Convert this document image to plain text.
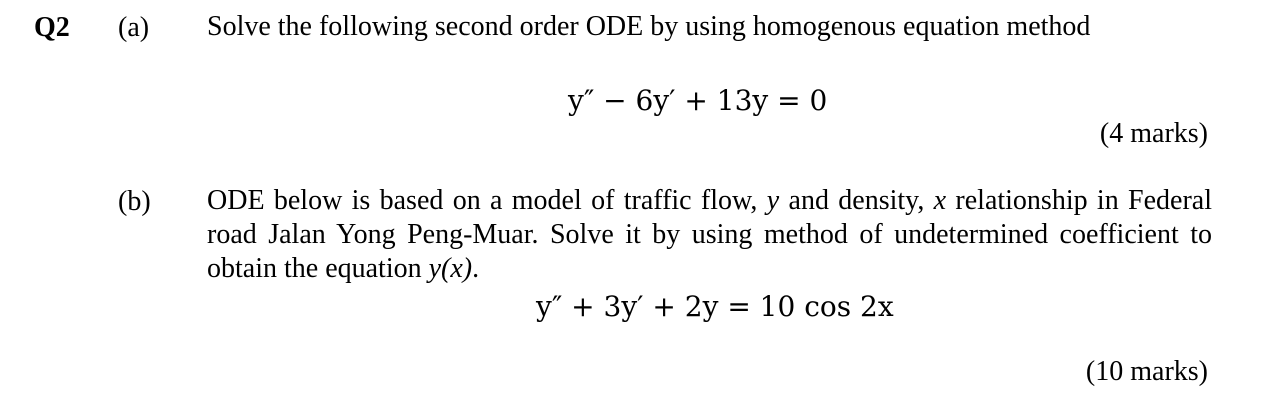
Q2 (a) Solve the following second order ODE by using homogenous equation method
y″ − 6y′ + 13y = 0
(4 marks)
(b) ODE below is based on a model of traffic flow, y and density, x relationship in Federal road Jalan Yong Peng-Muar. Solve it by using method of undetermined coefficient to obtain the equation y(x).
y″ + 3y′ + 2y = 10 cos 2x
(10 marks)
